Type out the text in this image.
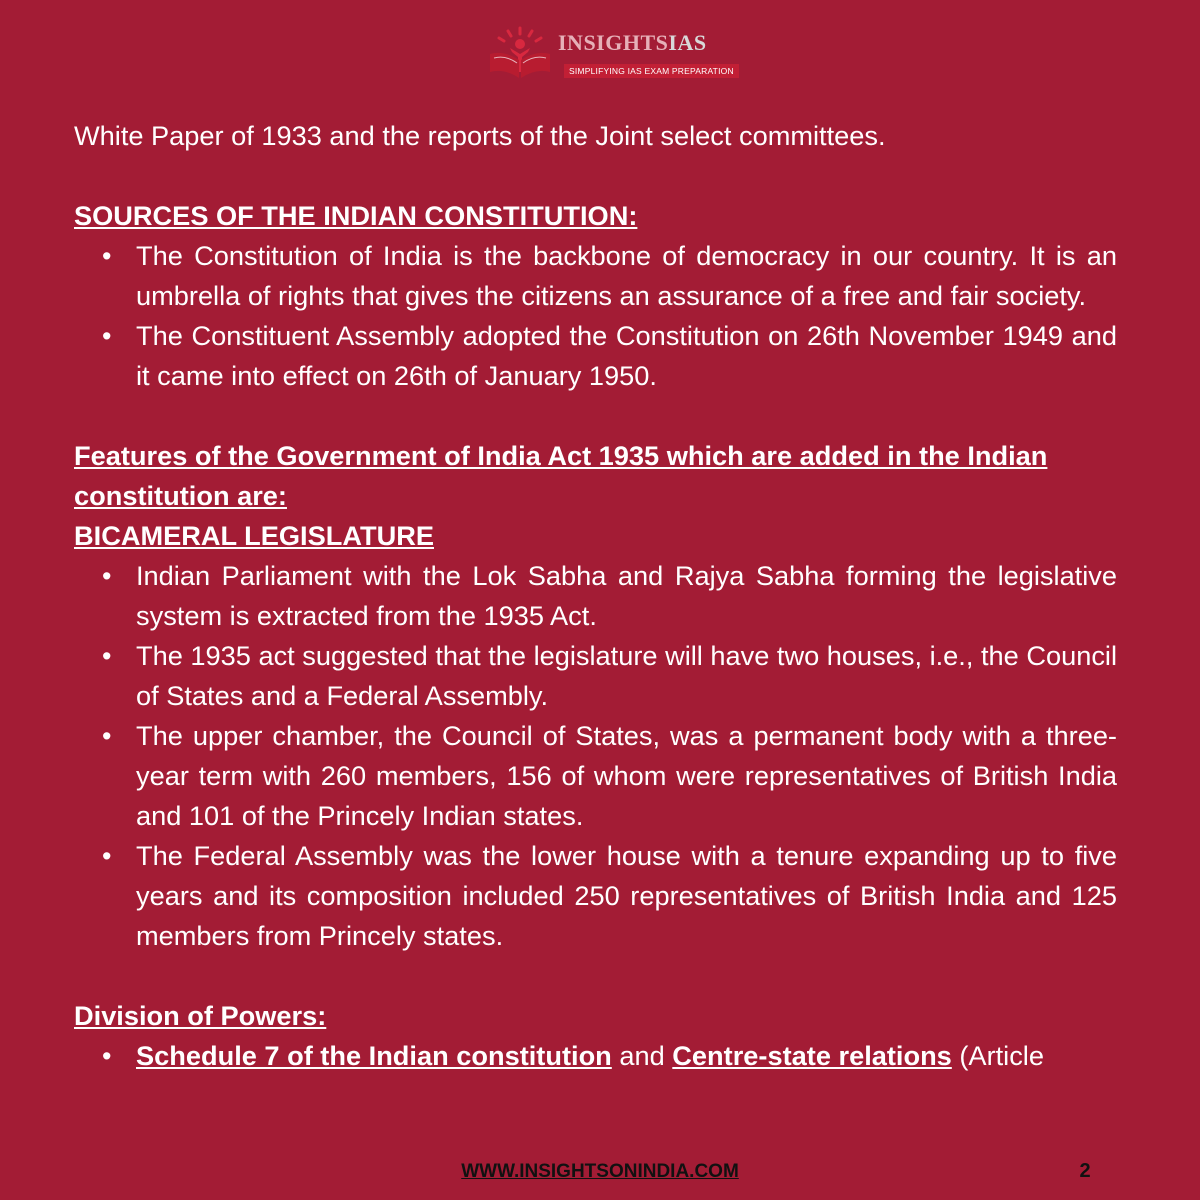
INSIGHTSIAS
SIMPLIFYING IAS EXAM PREPARATION

White Paper of 1933 and the reports of the Joint select committees.

SOURCES OF THE INDIAN CONSTITUTION:

• The Constitution of India is the backbone of democracy in our country. It is an umbrella of rights that gives the citizens an assurance of a free and fair society.
• The Constituent Assembly adopted the Constitution on 26th November 1949 and it came into effect on 26th of January 1950.

Features of the Government of India Act 1935 which are added in the Indian constitution are:

BICAMERAL LEGISLATURE

• Indian Parliament with the Lok Sabha and Rajya Sabha forming the legislative system is extracted from the 1935 Act.
• The 1935 act suggested that the legislature will have two houses, i.e., the Council of States and a Federal Assembly.
• The upper chamber, the Council of States, was a permanent body with a three-year term with 260 members, 156 of whom were representatives of British India and 101 of the Princely Indian states.
• The Federal Assembly was the lower house with a tenure expanding up to five years and its composition included 250 representatives of British India and 125 members from Princely states.

Division of Powers:

• Schedule 7 of the Indian constitution and Centre-state relations (Article
WWW.INSIGHTSONINDIA.COM	2
